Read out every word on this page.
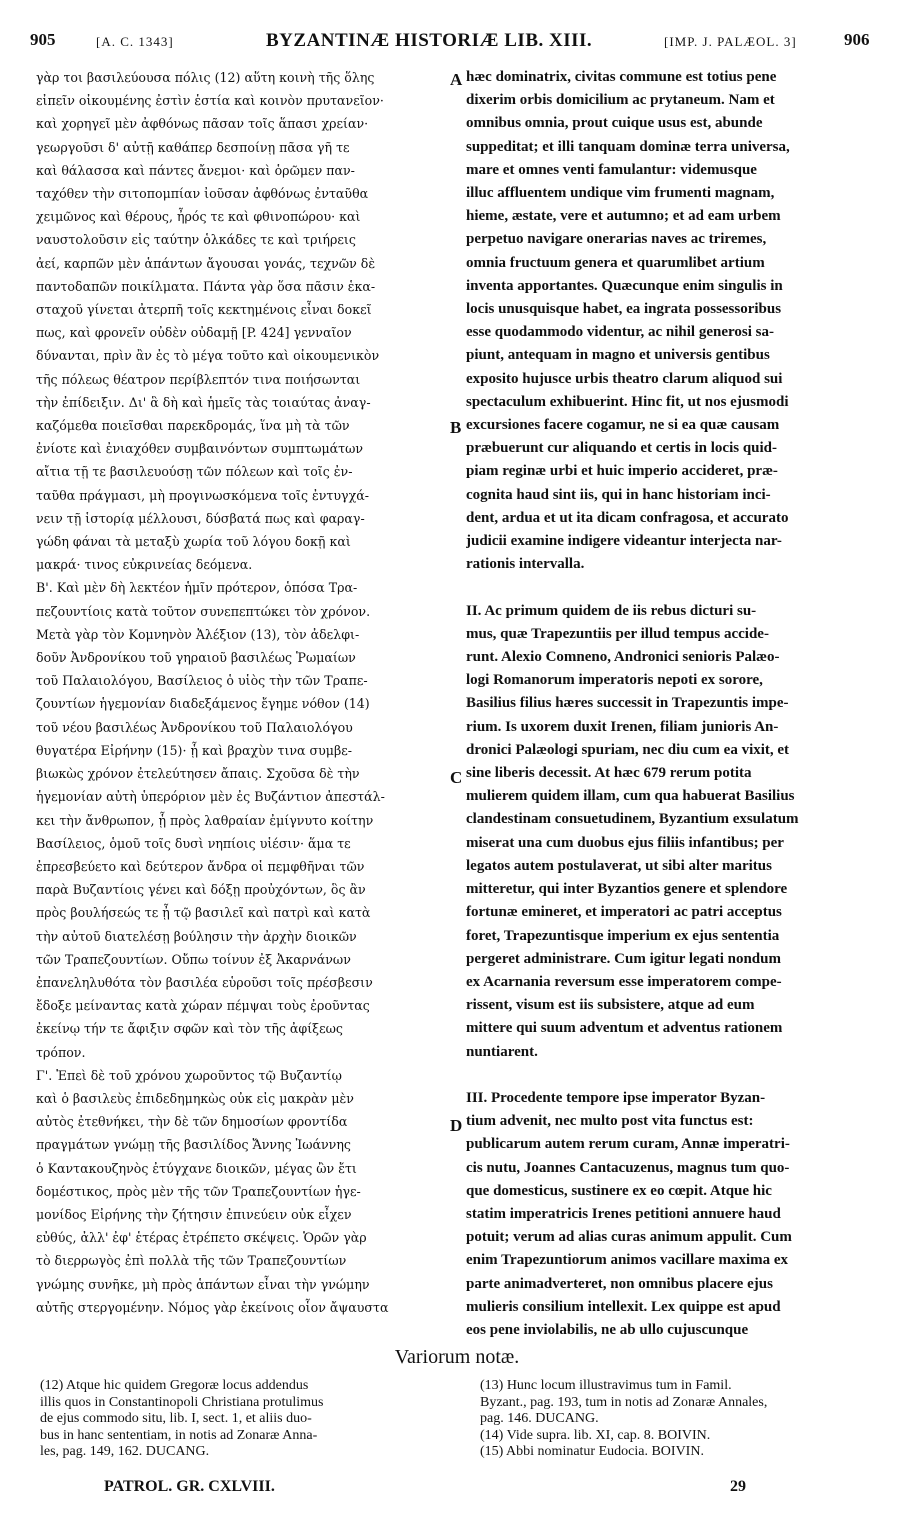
905	[A. C. 1343]	BYZANTINÆ HISTORIÆ LIB. XIII.	[IMP. J. PALÆOL. 3]	906

γὰρ τοι βασιλεύουσα πόλις (12) αὕτη κοινὴ τῆς ὅλης

εἰπεῖν οἰκουμένης ἐστὶν ἑστία καὶ κοινὸν πρυτανεῖον·

καὶ χορηγεῖ μὲν ἀφθόνως πᾶσαν τοῖς ἅπασι χρείαν·

γεωργοῦσι δ' αὐτῇ καθάπερ δεσποίνῃ πᾶσα γῆ τε

καὶ θάλασσα καὶ πάντες ἄνεμοι· καὶ ὁρῶμεν παν-

ταχόθεν τὴν σιτοπομπίαν ἰοῦσαν ἀφθόνως ἐνταῦθα

χειμῶνος καὶ θέρους, ἦρός τε καὶ φθινοπώρου· καὶ

ναυστολοῦσιν εἰς ταύτην ὁλκάδες τε καὶ τριήρεις

ἀεί, καρπῶν μὲν ἁπάντων ἄγουσαι γονάς, τεχνῶν δὲ

παντοδαπῶν ποικίλματα. Πάντα γὰρ ὅσα πᾶσιν ἑκα-

σταχοῦ γίνεται ἀτερπῆ τοῖς κεκτημένοις εἶναι δοκεῖ

πως, καὶ φρονεῖν οὐδὲν οὐδαμῇ [P. 424] γενναῖον

δύνανται, πρὶν ἂν ἐς τὸ μέγα τοῦτο καὶ οἰκουμενικὸν

τῆς πόλεως θέατρον περίβλεπτόν τινα ποιήσωνται

τὴν ἐπίδειξιν. Δι' ἃ δὴ καὶ ἡμεῖς τὰς τοιαύτας ἀναγ-

καζόμεθα ποιεῖσθαι παρεκδρομάς, ἵνα μὴ τὰ τῶν

ἐνίοτε καὶ ἐνιαχόθεν συμβαινόντων συμπτωμάτων

αἴτια τῇ τε βασιλευούσῃ τῶν πόλεων καὶ τοῖς ἐν-

ταῦθα πράγμασι, μὴ προγινωσκόμενα τοῖς ἐντυγχά-

νειν τῇ ἱστορίᾳ μέλλουσι, δύσβατά πως καὶ φαραγ-

γώδη φάναι τὰ μεταξὺ χωρία τοῦ λόγου δοκῇ καὶ

μακρά· τινος εὐκρινείας δεόμενα.

Β'. Καὶ μὲν δὴ λεκτέον ἡμῖν πρότερον, ὁπόσα Τρα-

πεζουντίοις κατὰ τοῦτον συνεπεπτώκει τὸν χρόνον.

Μετὰ γὰρ τὸν Κομνηνὸν Ἀλέξιον (13), τὸν ἀδελφι-

δοῦν Ἀνδρονίκου τοῦ γηραιοῦ βασιλέως Ῥωμαίων

τοῦ Παλαιολόγου, Βασίλειος ὁ υἱὸς τὴν τῶν Τραπε-

ζουντίων ἡγεμονίαν διαδεξάμενος ἔγημε νόθον (14)

τοῦ νέου βασιλέως Ἀνδρονίκου τοῦ Παλαιολόγου

θυγατέρα Εἰρήνην (15)· ᾗ καὶ βραχὺν τινα συμβε-

βιωκὼς χρόνον ἐτελεύτησεν ἄπαις. Σχοῦσα δὲ τὴν

ἡγεμονίαν αὐτὴ ὑπερόριον μὲν ἐς Βυζάντιον ἀπεστάλ-

κει τὴν ἄνθρωπον, ᾗ πρὸς λαθραίαν ἐμίγνυτο κοίτην

Βασίλειος, ὁμοῦ τοῖς δυσὶ νηπίοις υἱέσιν· ἅμα τε

ἐπρεσβεύετο καὶ δεύτερον ἄνδρα οἱ πεμφθῆναι τῶν

παρὰ Βυζαντίοις γένει καὶ δόξῃ προὐχόντων, ὃς ἂν

πρὸς βουλήσεώς τε ᾖ τῷ βασιλεῖ καὶ πατρὶ καὶ κατὰ

τὴν αὐτοῦ διατελέσῃ βούλησιν τὴν ἀρχὴν διοικῶν

τῶν Τραπεζουντίων. Οὔπω τοίνυν ἐξ Ἀκαρνάνων

ἐπανεληλυθότα τὸν βασιλέα εὑροῦσι τοῖς πρέσβεσιν

ἔδοξε μείναντας κατὰ χώραν πέμψαι τοὺς ἐροῦντας

ἐκείνῳ τήν τε ἄφιξιν σφῶν καὶ τὸν τῆς ἀφίξεως

τρόπον.

Γ'. Ἐπεὶ δὲ τοῦ χρόνου χωροῦντος τῷ Βυζαντίῳ

καὶ ὁ βασιλεὺς ἐπιδεδημηκὼς οὐκ εἰς μακρὰν μὲν

αὐτὸς ἐτεθνήκει, τὴν δὲ τῶν δημοσίων φροντίδα

πραγμάτων γνώμῃ τῆς βασιλίδος Ἄννης Ἰωάννης

ὁ Καντακουζηνὸς ἐτύγχανε διοικῶν, μέγας ὢν ἔτι

δομέστικος, πρὸς μὲν τῆς τῶν Τραπεζουντίων ἡγε-

μονίδος Εἰρήνης τὴν ζήτησιν ἐπινεύειν οὐκ εἶχεν

εὐθύς, ἀλλ' ἐφ' ἑτέρας ἐτρέπετο σκέψεις. Ὁρῶν γὰρ

τὸ διερρωγὸς ἐπὶ πολλὰ τῆς τῶν Τραπεζουντίων

γνώμης συνῆκε, μὴ πρὸς ἁπάντων εἶναι τὴν γνώμην

αὐτῆς στεργομένην. Νόμος γὰρ ἐκείνοις οἷον ἄψαυστα

hæc dominatrix, civitas commune est totius pene

dixerim orbis domicilium ac prytaneum. Nam et

omnibus omnia, prout cuique usus est, abunde

suppeditat; et illi tanquam dominæ terra universa,

mare et omnes venti famulantur: videmusque

illuc affluentem undique vim frumenti magnam,

hieme, æstate, vere et autumno; et ad eam urbem

perpetuo navigare onerarias naves ac triremes,

omnia fructuum genera et quarumlibet artium

inventa apportantes. Quæcunque enim singulis in

locis unusquisque habet, ea ingrata possessoribus

esse quodammodo videntur, ac nihil generosi sa-

piunt, antequam in magno et universis gentibus

exposito hujusce urbis theatro clarum aliquod sui

spectaculum exhibuerint. Hinc fit, ut nos ejusmodi

excursiones facere cogamur, ne si ea quæ causam

præbuerunt cur aliquando et certis in locis quid-

piam reginæ urbi et huic imperio accideret, præ-

cognita haud sint iis, qui in hanc historiam inci-

dent, ardua et ut ita dicam confragosa, et accurato

judicii examine indigere videantur interjecta nar-

rationis intervalla.

II. Ac primum quidem de iis rebus dicturi su-

mus, quæ Trapezuntiis per illud tempus accide-

runt. Alexio Comneno, Andronici senioris Palæo-

logi Romanorum imperatoris nepoti ex sorore,

Basilius filius hæres successit in Trapezuntis impe-

rium. Is uxorem duxit Irenen, filiam junioris An-

dronici Palæologi spuriam, nec diu cum ea vixit, et

sine liberis decessit. At hæc 679 rerum potita

mulierem quidem illam, cum qua habuerat Basilius

clandestinam consuetudinem, Byzantium exsulatum

miserat una cum duobus ejus filiis infantibus; per

legatos autem postulaverat, ut sibi alter maritus

mitteretur, qui inter Byzantios genere et splendore

fortunæ emineret, et imperatori ac patri acceptus

foret, Trapezuntisque imperium ex ejus sententia

pergeret administrare. Cum igitur legati nondum

ex Acarnania reversum esse imperatorem compe-

rissent, visum est iis subsistere, atque ad eum

mittere qui suum adventum et adventus rationem

nuntiarent.

III. Procedente tempore ipse imperator Byzan-

tium advenit, nec multo post vita functus est:

publicarum autem rerum curam, Annæ imperatri-

cis nutu, Joannes Cantacuzenus, magnus tum quo-

que domesticus, sustinere ex eo cœpit. Atque hic

statim imperatricis Irenes petitioni annuere haud

potuit; verum ad alias curas animum appulit. Cum

enim Trapezuntiorum animos vacillare maxima ex

parte animadverteret, non omnibus placere ejus

mulieris consilium intellexit. Lex quippe est apud

eos pene inviolabilis, ne ab ullo cujuscunque

A
B
C
D
Variorum notæ.

(12) Atque hic quidem Gregoræ locus addendus

illis quos in Constantinopoli Christiana protulimus

de ejus commodo situ, lib. I, sect. 1, et aliis duo-

bus in hanc sententiam, in notis ad Zonaræ Anna-

les, pag. 149, 162. DUCANG.

(13) Hunc locum illustravimus tum in Famil.

Byzant., pag. 193, tum in notis ad Zonaræ Annales,

pag. 146. DUCANG.

(14) Vide supra. lib. XI, cap. 8. BOIVIN.

(15) Abbi nominatur Eudocia. BOIVIN.

PATROL. GR. CXLVIII.	29
